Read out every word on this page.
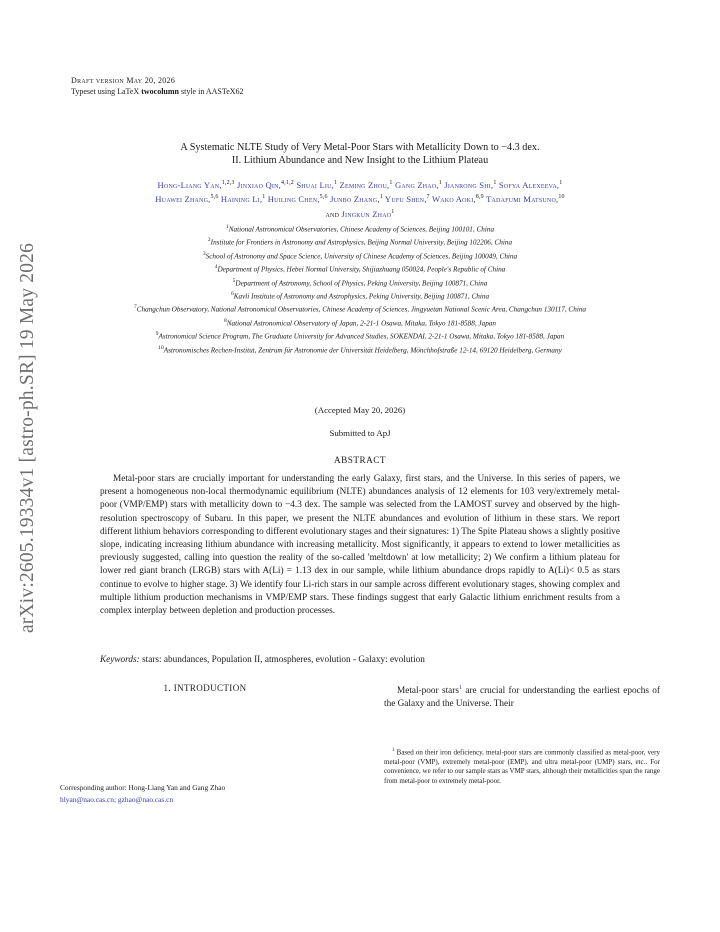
arXiv:2605.19334v1 [astro-ph.SR] 19 May 2026
Draft version May 20, 2026
Typeset using LaTeX twocolumn style in AASTeX62
A Systematic NLTE Study of Very Metal-Poor Stars with Metallicity Down to −4.3 dex.
II. Lithium Abundance and New Insight to the Lithium Plateau
Hong-Liang Yan,$^{1,2,3}$ Jinxiao Qin,$^{4,1,2}$ Shuai Liu,$^1$ Zeming Zhou,$^1$ Gang Zhao,$^1$ Jianrong Shi,$^1$ Sofya Alexeeva,$^1$
Huawei Zhang,$^{5,6}$ Haining Li,$^1$ Huiling Chen,$^{5,6}$ Junbo Zhang,$^1$ Yufu Shen,$^7$ Wako Aoki,$^{8,9}$ Tadafumi Matsuno,$^{10}$
and Jingkun Zhao$^1$
$^1$National Astronomical Observatories, Chinese Academy of Sciences, Beijing 100101, China
$^2$Institute for Frontiers in Astronomy and Astrophysics, Beijing Normal University, Beijing 102206, China
$^3$School of Astronomy and Space Science, University of Chinese Academy of Sciences, Beijing 100049, China
$^4$Department of Physics, Hebei Normal University, Shijiazhuang 050024, People's Republic of China
$^5$Department of Astronomy, School of Physics, Peking University, Beijing 100871, China
$^6$Kavli Institute of Astronomy and Astrophysics, Peking University, Beijing 100871, China
$^7$Changchun Observatory, National Astronomical Observatories, Chinese Academy of Sciences, Jingyuetan National Scenic Area, Changchun 130117, China
$^8$National Astronomical Observatory of Japan, 2-21-1 Osawa, Mitaka, Tokyo 181-8588, Japan
$^9$Astronomical Science Program, The Graduate University for Advanced Studies, SOKENDAI, 2-21-1 Osawa, Mitaka, Tokyo 181-8588, Japan
$^{10}$Astronomisches Rechen-Institut, Zentrum für Astronomie der Universität Heidelberg, Mönchhofstraße 12-14, 69120 Heidelberg, Germany
(Accepted May 20, 2026)
Submitted to ApJ
ABSTRACT
Metal-poor stars are crucially important for understanding the early Galaxy, first stars, and the Universe. In this series of papers, we present a homogeneous non-local thermodynamic equilibrium (NLTE) abundances analysis of 12 elements for 103 very/extremely metal-poor (VMP/EMP) stars with metallicity down to −4.3 dex. The sample was selected from the LAMOST survey and observed by the high-resolution spectroscopy of Subaru. In this paper, we present the NLTE abundances and evolution of lithium in these stars. We report different lithium behaviors corresponding to different evolutionary stages and their signatures: 1) The Spite Plateau shows a slightly positive slope, indicating increasing lithium abundance with increasing metallicity. Most significantly, it appears to extend to lower metallicities as previously suggested, calling into question the reality of the so-called 'meltdown' at low metallicity; 2) We confirm a lithium plateau for lower red giant branch (LRGB) stars with A(Li) = 1.13 dex in our sample, while lithium abundance drops rapidly to A(Li)< 0.5 as stars continue to evolve to higher stage. 3) We identify four Li-rich stars in our sample across different evolutionary stages, showing complex and multiple lithium production mechanisms in VMP/EMP stars. These findings suggest that early Galactic lithium enrichment results from a complex interplay between depletion and production processes.
Keywords: stars: abundances, Population II, atmospheres, evolution - Galaxy: evolution
1. INTRODUCTION	Metal-poor stars$^1$ are crucial for understanding the earliest epochs of the Galaxy and the Universe. Their
$^1$ Based on their iron deficiency, metal-poor stars are commonly classified as metal-poor, very metal-poor (VMP), extremely metal-poor (EMP), and ultra metal-poor (UMP) stars, etc.. For convenience, we refer to our sample stars as VMP stars, although their metallicities span the range from metal-poor to extremely metal-poor.
Corresponding author: Hong-Liang Yan and Gang Zhao
hlyan@nao.cas.cn; gzhao@nao.cas.cn
